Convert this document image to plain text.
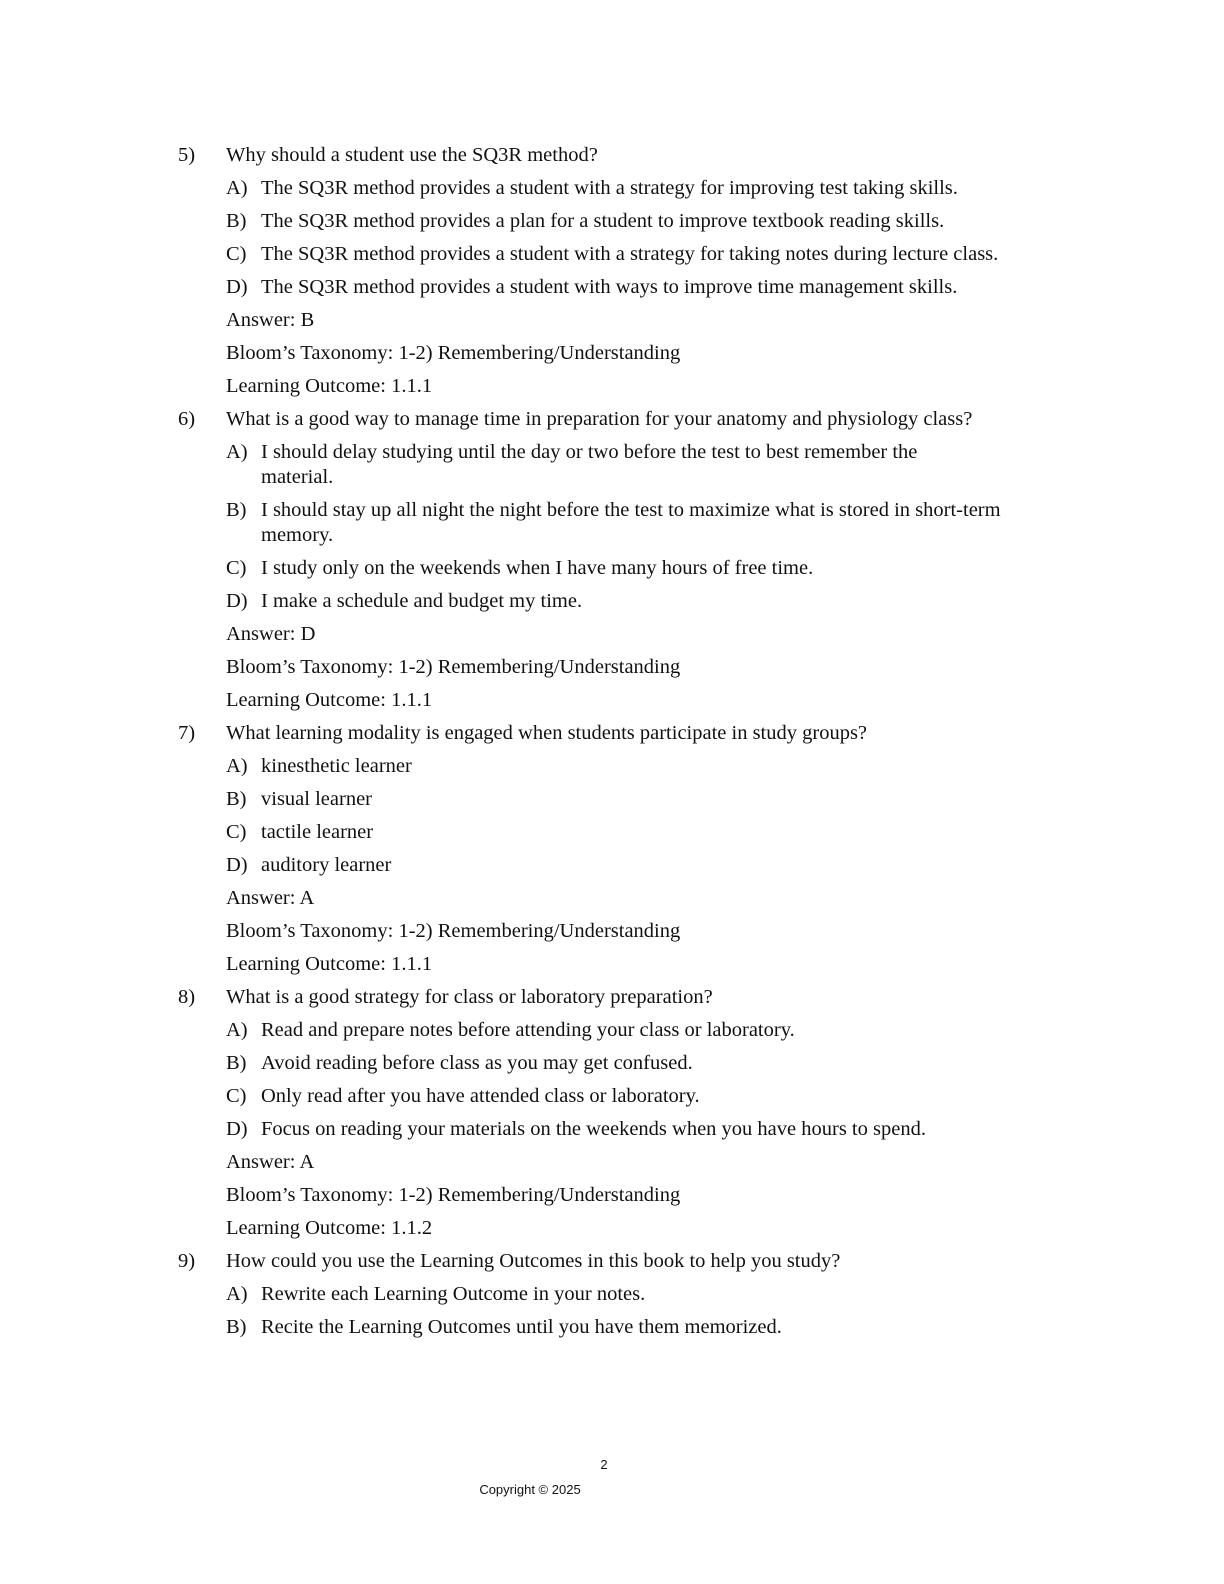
5)	Why should a student use the SQ3R method?

A) The SQ3R method provides a student with a strategy for improving test taking skills.
B) The SQ3R method provides a plan for a student to improve textbook reading skills.
C) The SQ3R method provides a student with a strategy for taking notes during lecture class.
D) The SQ3R method provides a student with ways to improve time management skills.

Answer: B

Bloom’s Taxonomy: 1-2) Remembering/Understanding

Learning Outcome: 1.1.1

6)	What is a good way to manage time in preparation for your anatomy and physiology class?

A) I should delay studying until the day or two before the test to best remember the material.
B) I should stay up all night the night before the test to maximize what is stored in short-term memory.
C) I study only on the weekends when I have many hours of free time.
D) I make a schedule and budget my time.

Answer: D

Bloom’s Taxonomy: 1-2) Remembering/Understanding

Learning Outcome: 1.1.1

7)	What learning modality is engaged when students participate in study groups?

A) kinesthetic learner
B) visual learner
C) tactile learner
D) auditory learner

Answer: A

Bloom’s Taxonomy: 1-2) Remembering/Understanding

Learning Outcome: 1.1.1

8)	What is a good strategy for class or laboratory preparation?

A) Read and prepare notes before attending your class or laboratory.
B) Avoid reading before class as you may get confused.
C) Only read after you have attended class or laboratory.
D) Focus on reading your materials on the weekends when you have hours to spend.

Answer: A

Bloom’s Taxonomy: 1-2) Remembering/Understanding

Learning Outcome: 1.1.2

9)	How could you use the Learning Outcomes in this book to help you study?

A) Rewrite each Learning Outcome in your notes.
B) Recite the Learning Outcomes until you have them memorized.
2
Copyright © 2025
